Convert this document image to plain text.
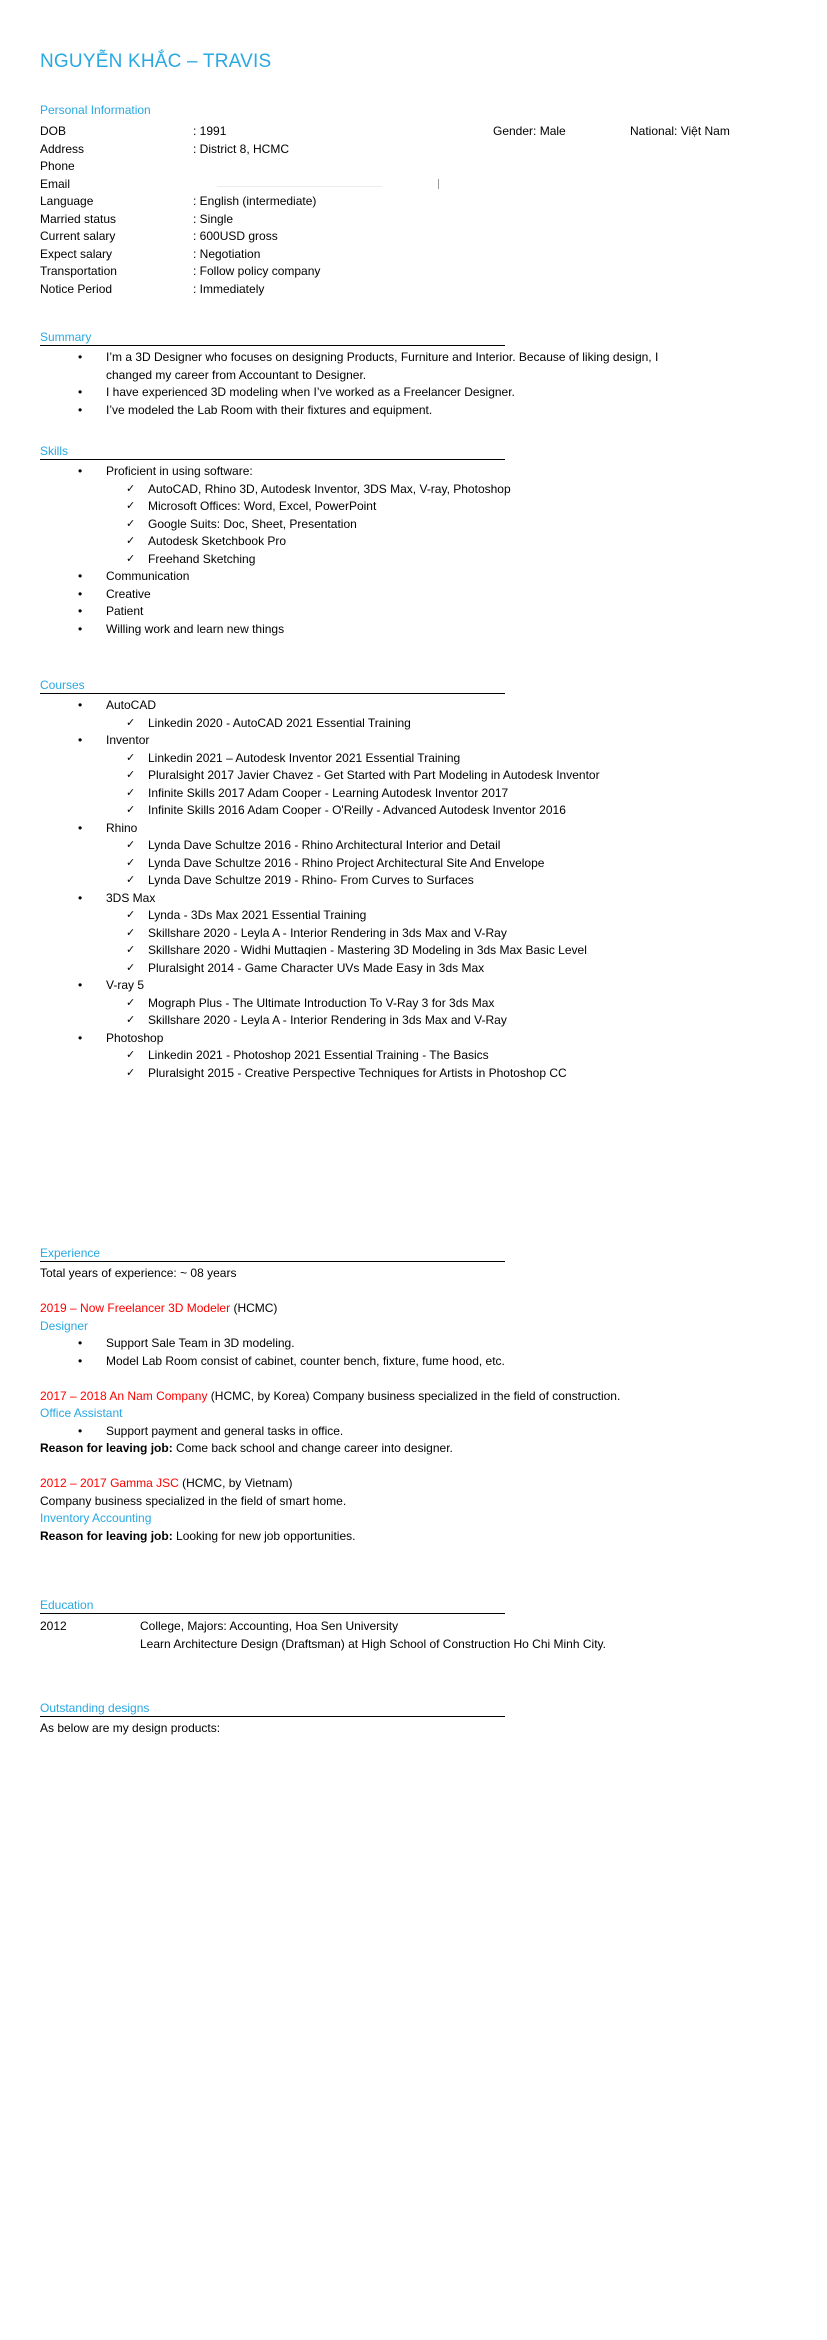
NGUYỄN KHẮC – TRAVIS
Personal Information
DOB	: 1991	Gender: Male	National: Việt Nam
Address	: District 8, HCMC
Phone
Email
Language	: English (intermediate)
Married status	: Single
Current salary	: 600USD gross
Expect salary	: Negotiation
Transportation	: Follow policy company
Notice Period	: Immediately
Summary
• I’m a 3D Designer who focuses on designing Products, Furniture and Interior. Because of liking design, I changed my career from Accountant to Designer.
• I have experienced 3D modeling when I’ve worked as a Freelancer Designer.
• I’ve modeled the Lab Room with their fixtures and equipment.
Skills
• Proficient in using software:
✓ AutoCAD, Rhino 3D, Autodesk Inventor, 3DS Max, V-ray, Photoshop
✓ Microsoft Offices: Word, Excel, PowerPoint
✓ Google Suits: Doc, Sheet, Presentation
✓ Autodesk Sketchbook Pro
✓ Freehand Sketching
• Communication
• Creative
• Patient
• Willing work and learn new things
Courses
• AutoCAD
✓ Linkedin 2020 - AutoCAD 2021 Essential Training
• Inventor
✓ Linkedin 2021 – Autodesk Inventor 2021 Essential Training
✓ Pluralsight 2017 Javier Chavez - Get Started with Part Modeling in Autodesk Inventor
✓ Infinite Skills 2017 Adam Cooper - Learning Autodesk Inventor 2017
✓ Infinite Skills 2016 Adam Cooper - O'Reilly - Advanced Autodesk Inventor 2016
• Rhino
✓ Lynda Dave Schultze 2016 - Rhino Architectural Interior and Detail
✓ Lynda Dave Schultze 2016 - Rhino Project Architectural Site And Envelope
✓ Lynda Dave Schultze 2019 - Rhino- From Curves to Surfaces
• 3DS Max
✓ Lynda - 3Ds Max 2021 Essential Training
✓ Skillshare 2020 - Leyla A - Interior Rendering in 3ds Max and V-Ray
✓ Skillshare 2020 - Widhi Muttaqien - Mastering 3D Modeling in 3ds Max Basic Level
✓ Pluralsight 2014 - Game Character UVs Made Easy in 3ds Max
• V-ray 5
✓ Mograph Plus - The Ultimate Introduction To V-Ray 3 for 3ds Max
✓ Skillshare 2020 - Leyla A - Interior Rendering in 3ds Max and V-Ray
• Photoshop
✓ Linkedin 2021 - Photoshop 2021 Essential Training - The Basics
✓ Pluralsight 2015 - Creative Perspective Techniques for Artists in Photoshop CC
Experience
Total years of experience: ~ 08 years
2019 – Now Freelancer 3D Modeler (HCMC)
Designer
• Support Sale Team in 3D modeling.
• Model Lab Room consist of cabinet, counter bench, fixture, fume hood, etc.
2017 – 2018 An Nam Company (HCMC, by Korea) Company business specialized in the field of construction.
Office Assistant
• Support payment and general tasks in office.
Reason for leaving job: Come back school and change career into designer.
2012 – 2017 Gamma JSC (HCMC, by Vietnam)
Company business specialized in the field of smart home.
Inventory Accounting
Reason for leaving job: Looking for new job opportunities.
Education
2012	College, Majors: Accounting, Hoa Sen University
Learn Architecture Design (Draftsman) at High School of Construction Ho Chi Minh City.
Outstanding designs
As below are my design products:
